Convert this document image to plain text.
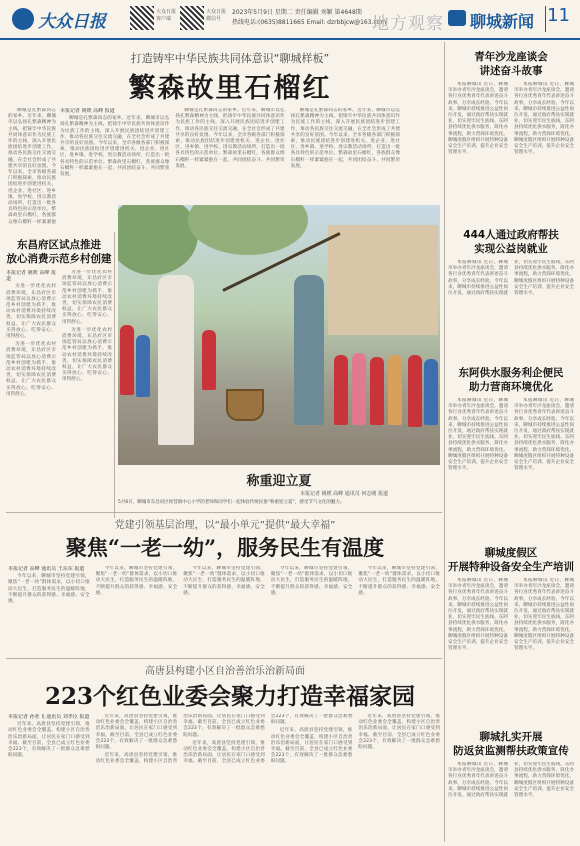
大众日报	大众日报
客户端
大众日报
微信号
2023年5月9日 星期二 责任编辑 刘颖 第4648期
热线电话:(0635)8811665 Email: dzrbbjcw@163.com
地方观察 聊城新闻 11
打造铸牢中华民族共同体意识“聊城样板”
繁森故里石榴红
本报记者 姚媛 高峰 报道

聊城是孔繁森同志的家乡。近年来，聊城市以弘扬孔繁森精神为主线，把铸牢中华民族共同体意识作为民族工作的主线，深入开展民族团结进步创建工作，推动各民族交往交流交融，在全社会形成了共建共享的良好氛围。今年以来，全市各级各部门积极探索，推动民族团结进步创建进机关、进企业、进社区、进乡镇、进学校、进宗教活动场所，打造出一批各具特色的示范单位。繁森故里石榴红，各族群众像石榴籽一样紧紧抱在一起，共同团结奋斗、共同繁荣发展。

聊城是孔繁森同志的家乡。近年来，聊城市以弘扬孔繁森精神为主线，把铸牢中华民族共同体意识作为民族工作的主线，深入开展民族团结进步创建工作，推动各民族交往交流交融，在全社会形成了共建共享的良好氛围。今年以来，全市各级各部门积极探索，推动民族团结进步创建进机关、进企业、进社区、进乡镇、进学校、进宗教活动场所，打造出一批各具特色的示范单位。繁森故里石榴红，各族群众像石榴籽一样紧紧抱在一起，共同团结奋斗、共同繁荣发展。

聊城是孔繁森同志的家乡。近年来，聊城市以弘扬孔繁森精神为主线，把铸牢中华民族共同体意识作为民族工作的主线，深入开展民族团结进步创建工作，推动各民族交往交流交融，在全社会形成了共建共享的良好氛围。今年以来，全市各级各部门积极探索，推动民族团结进步创建进机关、进企业、进社区、进乡镇、进学校、进宗教活动场所，打造出一批各具特色的示范单位。繁森故里石榴红，各族群众像石榴籽一样紧紧抱在一起，共同团结奋斗、共同繁荣发展。

聊城是孔繁森同志的家乡。近年来，聊城市以弘扬孔繁森精神为主线，把铸牢中华民族共同体意识作为民族工作的主线，深入开展民族团结进步创建工作，推动各民族交往交流交融，在全社会形成了共建共享的良好氛围。今年以来，全市各级各部门积极探索，推动民族团结进步创建进机关、进企业、进社区、进乡镇、进学校、进宗教活动场所，打造出一批各具特色的示范单位。繁森故里石榴红，各族群众像石榴籽一样紧紧抱

东昌府区试点推进
放心消费示范乡村创建
本报记者 姚媛 高峰 报道

为进一步优化农村消费环境，东昌府区市场监管局以放心消费示范乡村创建为抓手，推动农村消费环境持续改善，切实保障农民消费权益，让广大农民群众买得放心、吃得安心、用得舒心。

为进一步优化农村消费环境，东昌府区市场监管局以放心消费示范乡村创建为抓手，推动农村消费环境持续改善，切实保障农民消费权益，让广大农民群众买得放心、吃得安心、用得舒心。

为进一步优化农村消费环境，东昌府区市场监管局以放心消费示范乡村创建为抓手，推动农村消费环境持续改善，切实保障农民消费权益，让广大农民群众买得放心、吃得安心、用得舒心。

为进一步优化农村消费环境，东昌府区市场监管局以放心消费示范乡村创建为抓手，推动农村消费环境持续改善，切实保障农民消费权益，让广大农民群众买得放心、吃得安心、用得舒心。

称重迎立夏
本报记者 姚媛 高峰 通讯员 何志刚 报道
5月6日，聊城市东昌府区侯营镇中心小学的老师和同学们一起体验传统民俗“称重迎立夏”，感受节气文化的魅力。
青年沙龙座谈会
讲述奋斗故事

本报聊城讯 近日，聊城市举办青年沙龙座谈会，邀请各行业优秀青年代表讲述奋斗故事，分享成长经验。今年以来，聊城市持续推进公益性岗位开发，通过政府帮扶实现就业，切实兜牢民生底线。东阿县持续优化供水服务，简化办事流程，助力营商环境优化。聊城度假区组织开展特种设备安全生产培训，提升企业安全管理水平。

本报聊城讯 近日，聊城市举办青年沙龙座谈会，邀请各行业优秀青年代表讲述奋斗故事，分享成长经验。今年以来，聊城市持续推进公益性岗位开发，通过政府帮扶实现就业，切实兜牢民生底线。东阿县持续优化供水服务，简化办事流程，助力营商环境优化。聊城度假区组织开展特种设备安全生产培训，提升企业安全管理水平。

444人通过政府帮扶
实现公益岗就业

本报聊城讯 近日，聊城市举办青年沙龙座谈会，邀请各行业优秀青年代表讲述奋斗故事，分享成长经验。今年以来，聊城市持续推进公益性岗位开发，通过政府帮扶实现就业，切实兜牢民生底线。东阿县持续优化供水服务，简化办事流程，助力营商环境优化。聊城度假区组织开展特种设备安全生产培训，提升企业安全管理水平。

东阿供水服务利企便民
助力营商环境优化

本报聊城讯 近日，聊城市举办青年沙龙座谈会，邀请各行业优秀青年代表讲述奋斗故事，分享成长经验。今年以来，聊城市持续推进公益性岗位开发，通过政府帮扶实现就业，切实兜牢民生底线。东阿县持续优化供水服务，简化办事流程，助力营商环境优化。聊城度假区组织开展特种设备安全生产培训，提升企业安全管理水平。

本报聊城讯 近日，聊城市举办青年沙龙座谈会，邀请各行业优秀青年代表讲述奋斗故事，分享成长经验。今年以来，聊城市持续推进公益性岗位开发，通过政府帮扶实现就业，切实兜牢民生底线。东阿县持续优化供水服务，简化办事流程，助力营商环境优化。聊城度假区组织开展特种设备安全生产培训，提升企业安全管理水平。

聊城度假区
开展特种设备安全生产培训

本报聊城讯 近日，聊城市举办青年沙龙座谈会，邀请各行业优秀青年代表讲述奋斗故事，分享成长经验。今年以来，聊城市持续推进公益性岗位开发，通过政府帮扶实现就业，切实兜牢民生底线。东阿县持续优化供水服务，简化办事流程，助力营商环境优化。聊城度假区组织开展特种设备安全生产培训，提升企业安全管理水平。

本报聊城讯 近日，聊城市举办青年沙龙座谈会，邀请各行业优秀青年代表讲述奋斗故事，分享成长经验。今年以来，聊城市持续推进公益性岗位开发，通过政府帮扶实现就业，切实兜牢民生底线。东阿县持续优化供水服务，简化办事流程，助力营商环境优化。聊城度假区组织开展特种设备安全生产培训，提升企业安全管理水平。

聊城扎实开展
防返贫监测帮扶政策宣传

本报聊城讯 近日，聊城市举办青年沙龙座谈会，邀请各行业优秀青年代表讲述奋斗故事，分享成长经验。今年以来，聊城市持续推进公益性岗位开发，通过政府帮扶实现就业，切实兜牢民生底线。东阿县持续优化供水服务，简化办事流程，助力营商环境优化。聊城度假区组织开展特种设备安全生产培训，提升企业安全管理水平。

党建引领基层治理，以“最小单元”提供“最大幸福”
聚焦“一老一幼”，服务民生有温度
本报记者 高峰 通讯员 王东东 报道

今年以来，聊城市坚持党建引领，聚焦“一老一幼”群体需求，以小切口推动大民生，打造服务民生的温暖阵地，不断提升群众的获得感、幸福感、安全感。

今年以来，聊城市坚持党建引领，聚焦“一老一幼”群体需求，以小切口推动大民生，打造服务民生的温暖阵地，不断提升群众的获得感、幸福感、安全感。

今年以来，聊城市坚持党建引领，聚焦“一老一幼”群体需求，以小切口推动大民生，打造服务民生的温暖阵地，不断提升群众的获得感、幸福感、安全感。

今年以来，聊城市坚持党建引领，聚焦“一老一幼”群体需求，以小切口推动大民生，打造服务民生的温暖阵地，不断提升群众的获得感、幸福感、安全感。

今年以来，聊城市坚持党建引领，聚焦“一老一幼”群体需求，以小切口推动大民生，打造服务民生的温暖阵地，不断提升群众的获得感、幸福感、安全感。

高唐县构建小区自治善治乐治新局面
223个红色业委会聚力打造幸福家园
本报记者 孙亚飞 通讯员 刘孝臣 报道

近年来，高唐县坚持党建引领，推动红色业委会全覆盖，构建小区自治善治乐治新局面，让居民在家门口感受到幸福。截至目前，全县已成立红色业委会223个，有效解决了一批群众急难愁盼问题。

近年来，高唐县坚持党建引领，推动红色业委会全覆盖，构建小区自治善治乐治新局面，让居民在家门口感受到幸福。截至目前，全县已成立红色业委会223个，有效解决了一批群众急难愁盼问题。

近年来，高唐县坚持党建引领，推动红色业委会全覆盖，构建小区自治善治乐治新局面，让居民在家门口感受到幸福。截至目前，全县已成立红色业委会223个，有效解决了一批群众急难愁盼问题。

近年来，高唐县坚持党建引领，推动红色业委会全覆盖，构建小区自治善治乐治新局面，让居民在家门口感受到幸福。截至目前，全县已成立红色业委会223个，有效解决了一批群众急难愁盼问题。

近年来，高唐县坚持党建引领，推动红色业委会全覆盖，构建小区自治善治乐治新局面，让居民在家门口感受到幸福。截至目前，全县已成立红色业委会223个，有效解决了一批群众急难愁盼问题。

近年来，高唐县坚持党建引领，推动红色业委会全覆盖，构建小区自治善治乐治新局面，让居民在家门口感受到幸福。截至目前，全县已成立红色业委会223个，有效解决了一批群众急难愁盼问题。
